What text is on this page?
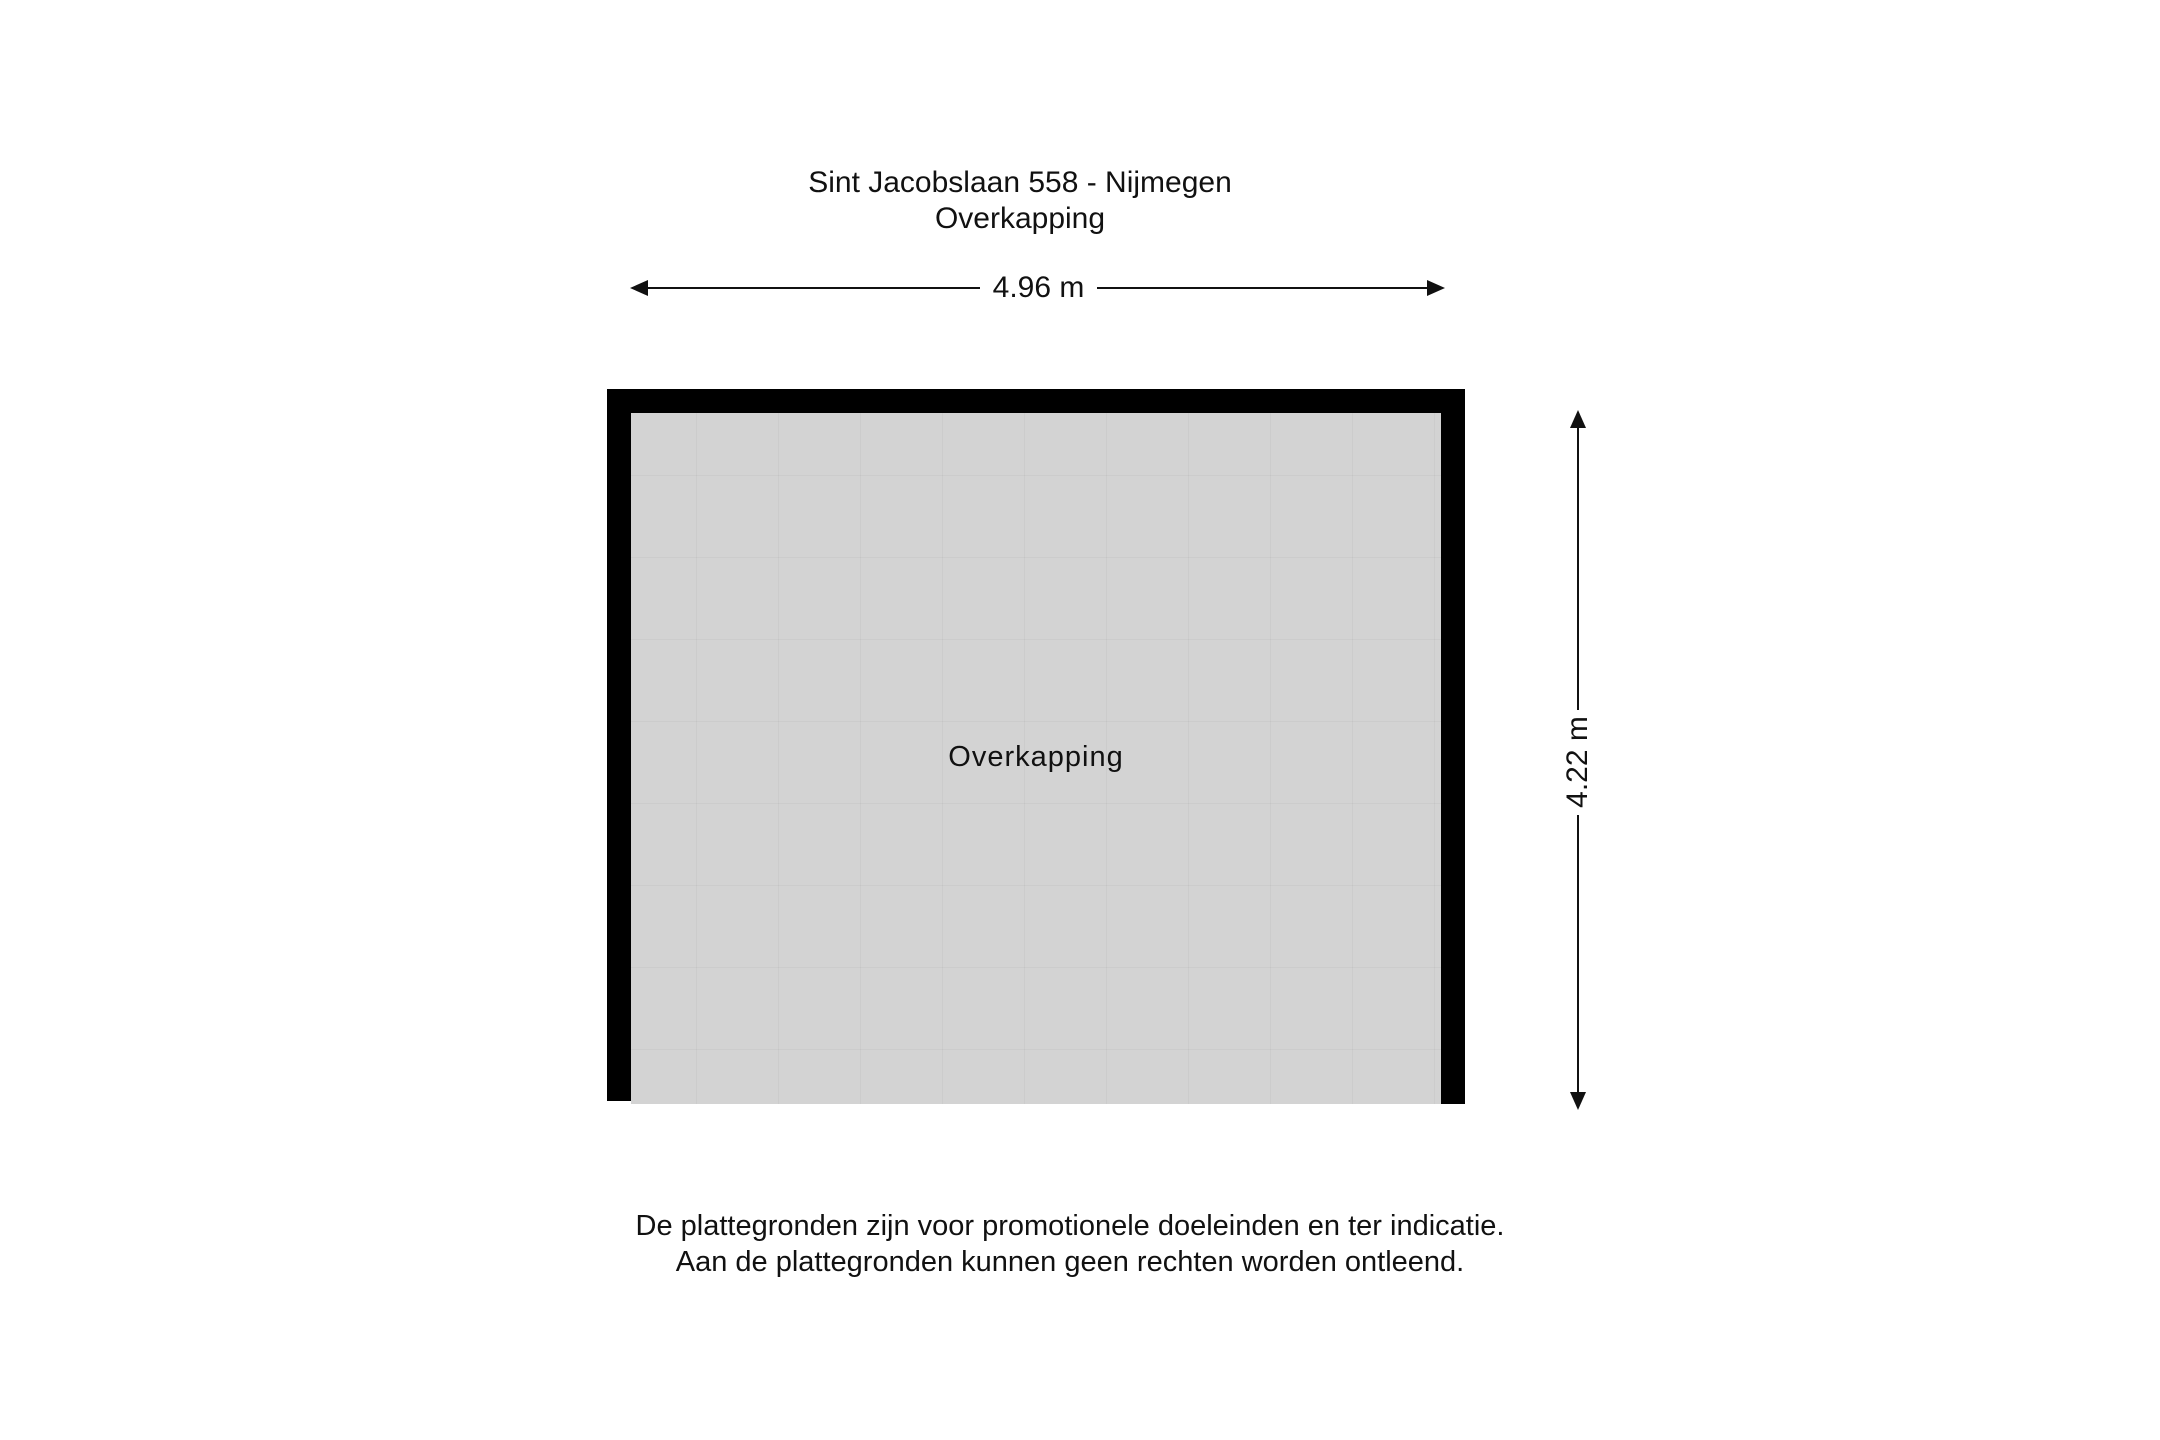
Sint Jacobslaan 558 - Nijmegen
Overkapping
4.96 m
Overkapping	4.22 m
De plattegronden zijn voor promotionele doeleinden en ter indicatie.
Aan de plattegronden kunnen geen rechten worden ontleend.
